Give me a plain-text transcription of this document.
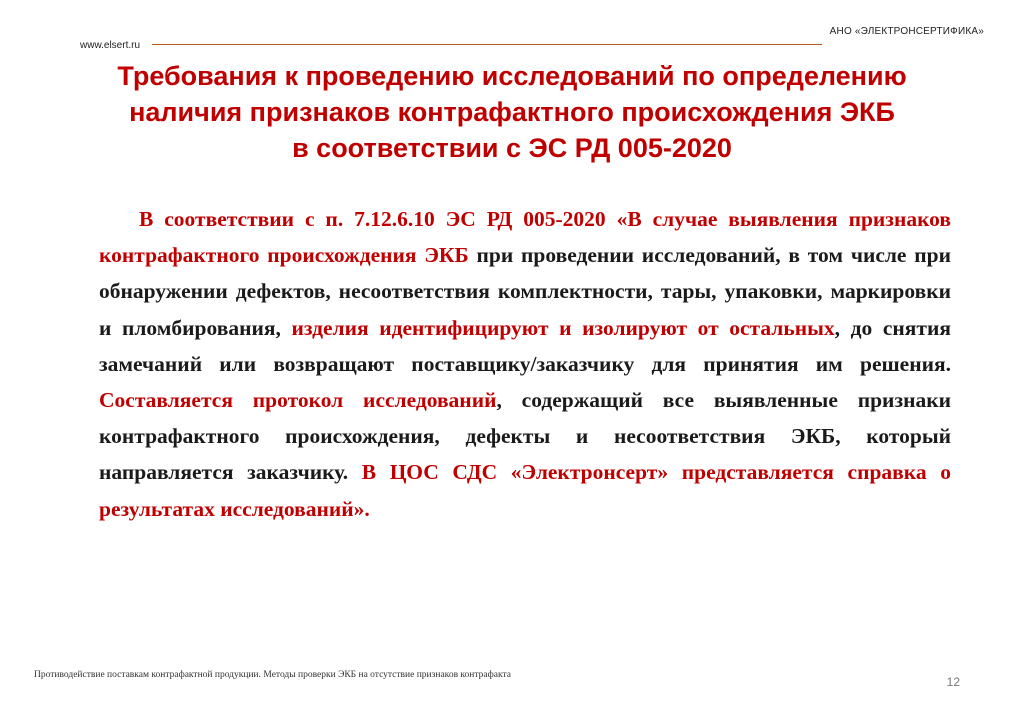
АНО «ЭЛЕКТРОНСЕРТИФИКА»
www.elsert.ru
Требования к проведению исследований по определению
наличия признаков контрафактного происхождения ЭКБ
в соответствии с ЭС РД 005-2020

В соответствии с п. 7.12.6.10 ЭС РД 005-2020 «В случае выявления признаков контрафактного происхождения ЭКБ при проведении исследований, в том числе при обнаружении дефектов, несоответствия комплектности, тары, упаковки, маркировки и пломбирования, изделия идентифицируют и изолируют от остальных, до снятия замечаний или возвращают поставщику/заказчику для принятия им решения. Составляется протокол исследований, содержащий все выявленные признаки контрафактного происхождения, дефекты и несоответствия ЭКБ, который направляется заказчику. В ЦОС СДС «Электронсерт» представляется справка о результатах исследований».

Противодействие поставкам контрафактной продукции. Методы проверки ЭКБ на отсутствие признаков контрафакта	12
